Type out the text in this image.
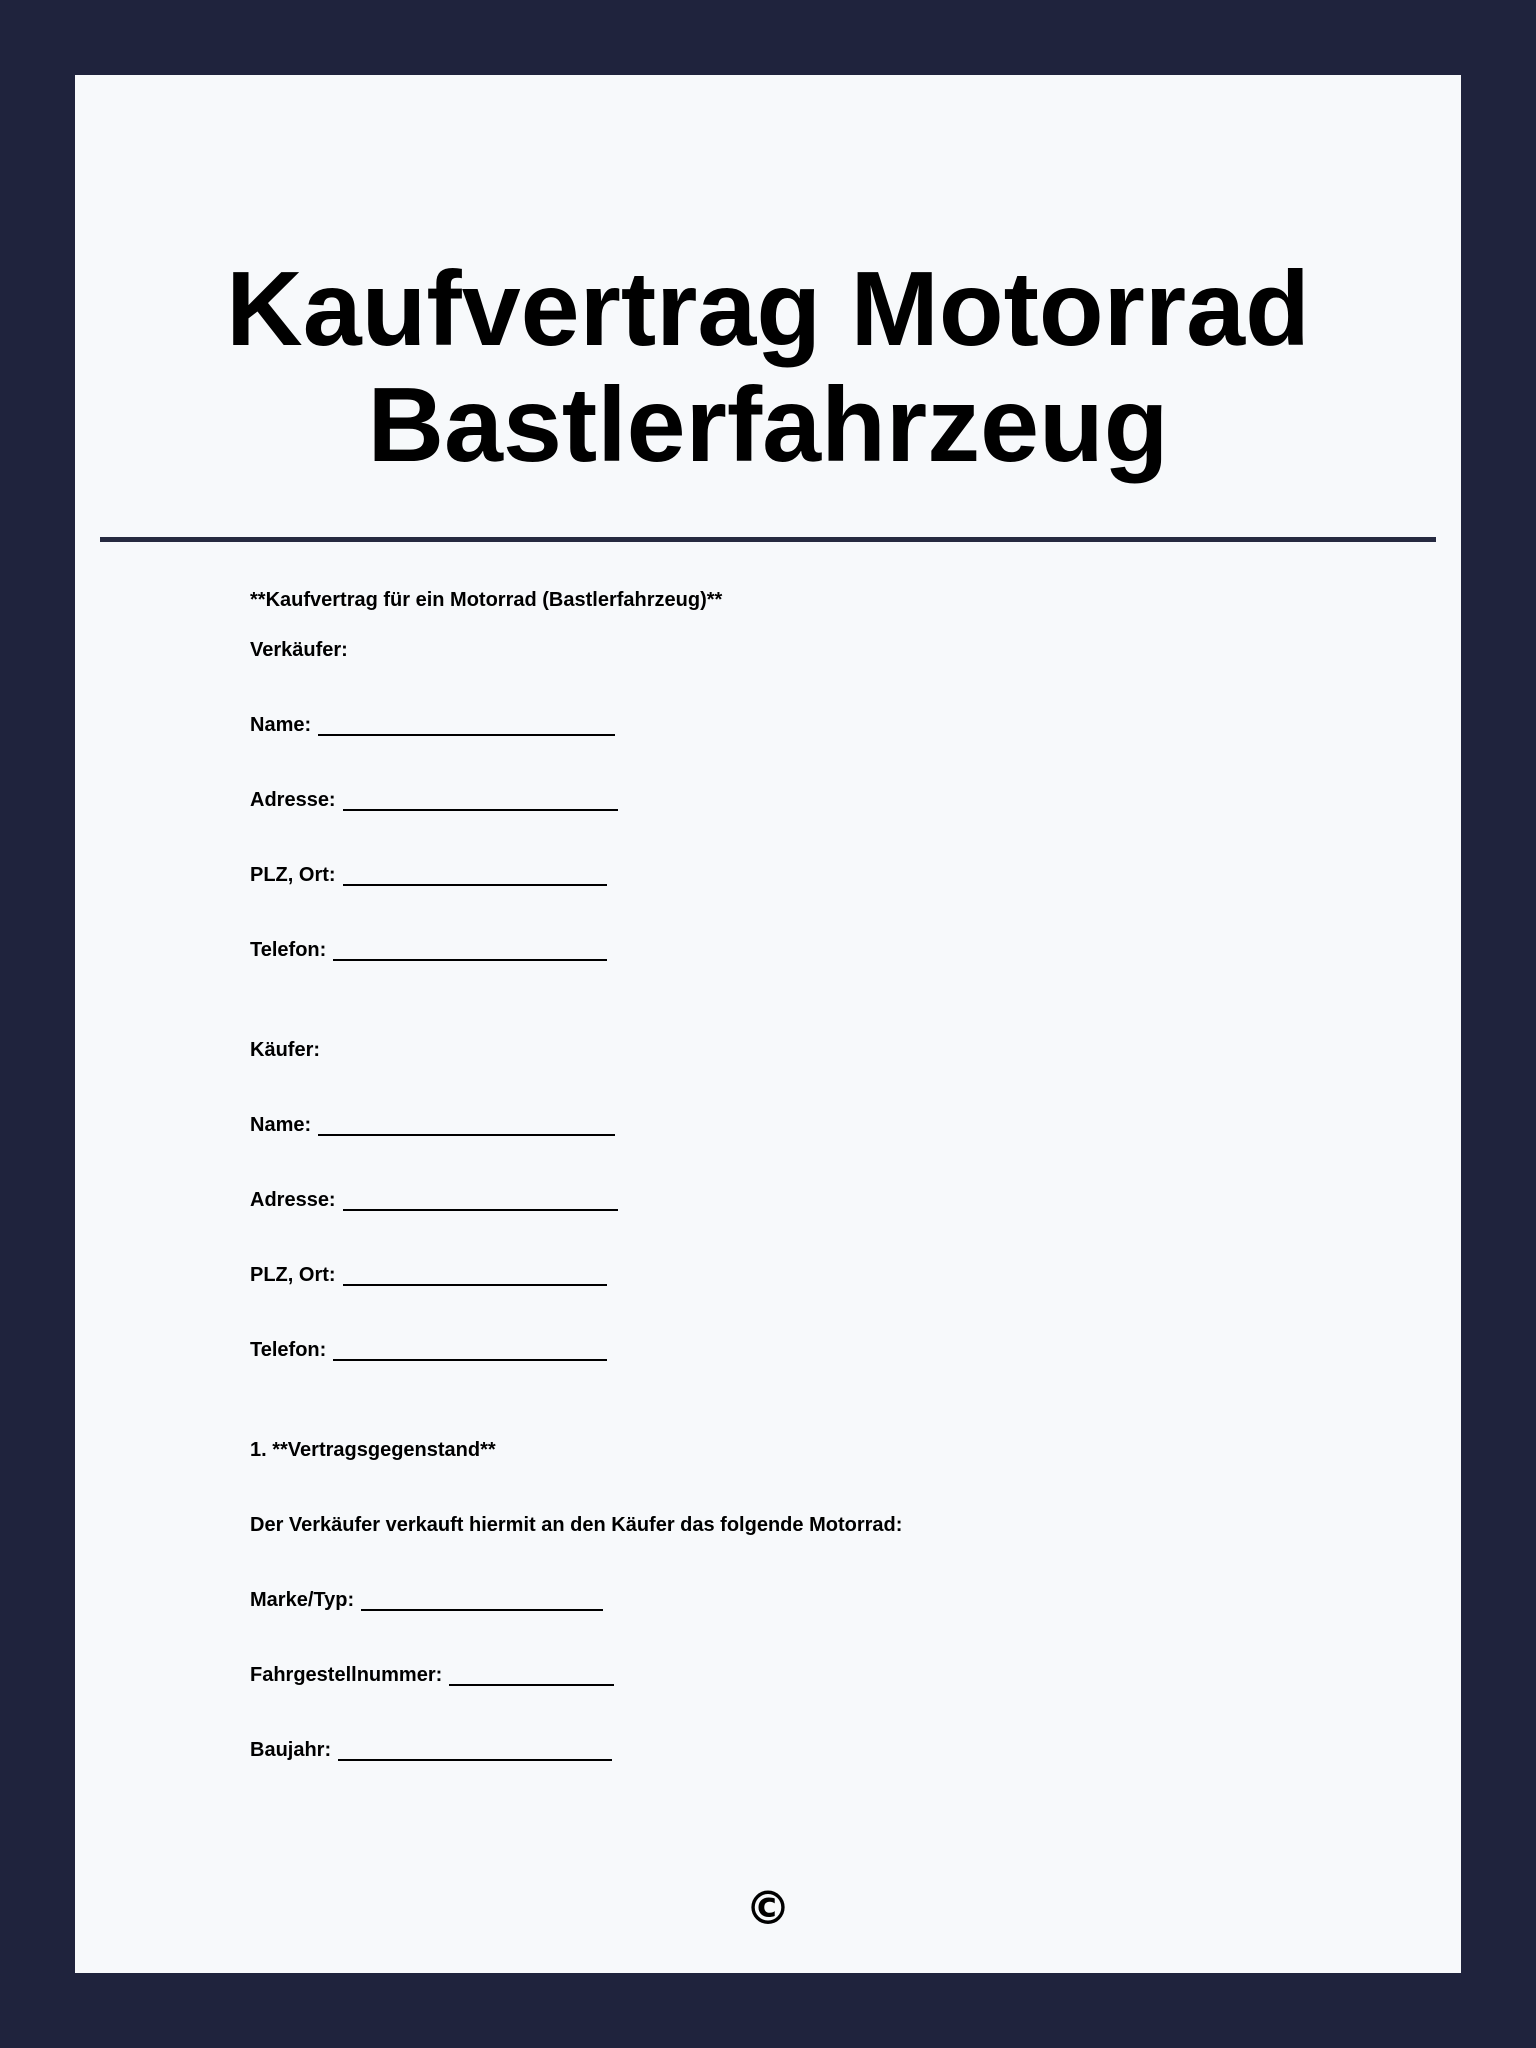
Kaufvertrag Motorrad
Bastlerfahrzeug

**Kaufvertrag für ein Motorrad (Bastlerfahrzeug)**

Verkäufer:

Name:
Adresse:
PLZ, Ort:
Telefon:

Käufer:

Name:
Adresse:
PLZ, Ort:
Telefon:

1. **Vertragsgegenstand**

Der Verkäufer verkauft hiermit an den Käufer das folgende Motorrad:

Marke/Typ:
Fahrgestellnummer:
Baujahr:
©
